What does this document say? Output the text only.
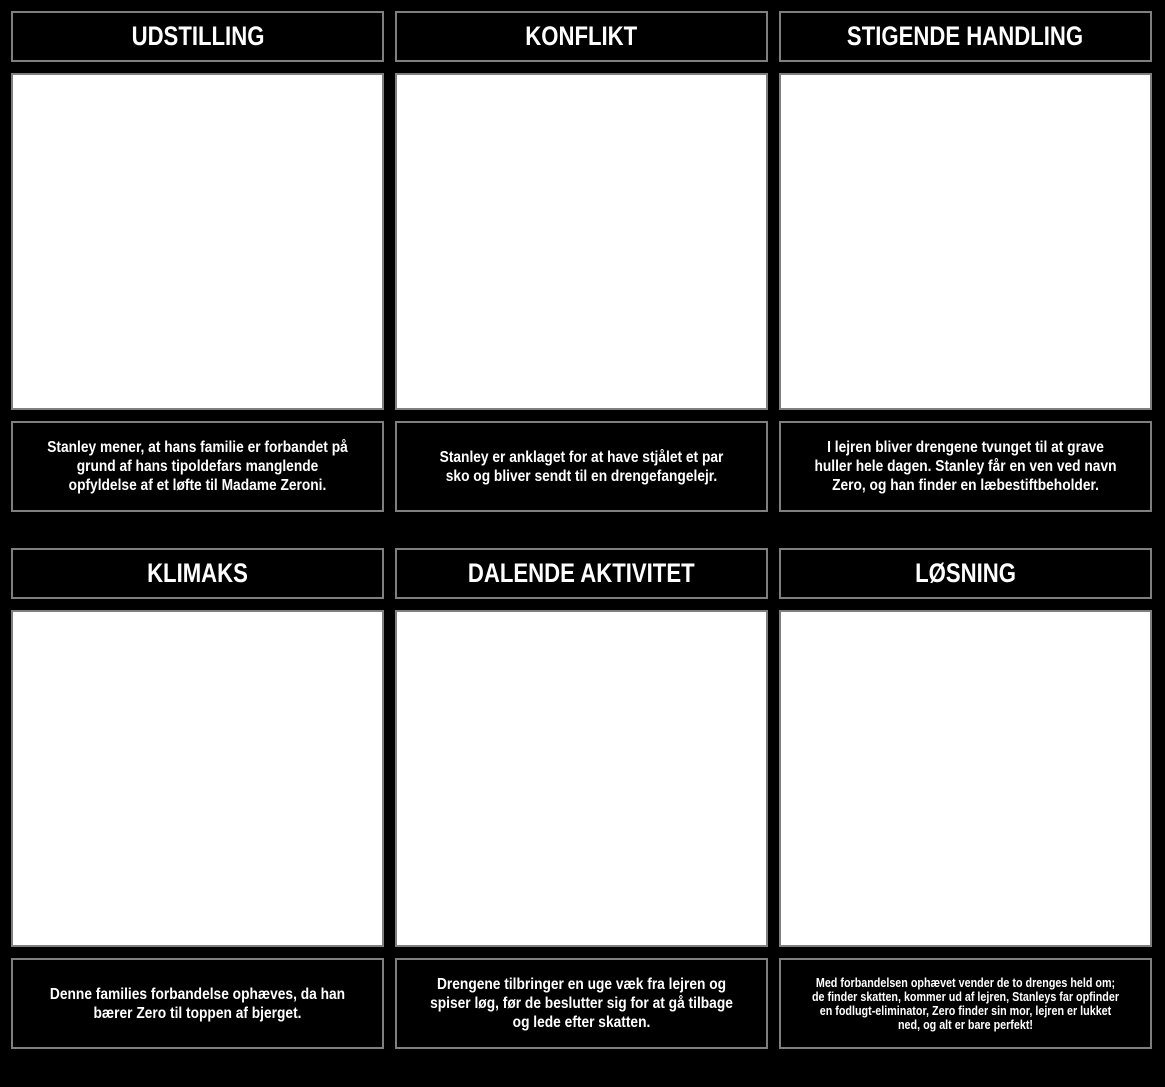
UDSTILLING
Stanley mener, at hans familie er forbandet på grund af hans tipoldefars manglende opfyldelse af et løfte til Madame Zeroni.
KONFLIKT
Stanley er anklaget for at have stjålet et par sko og bliver sendt til en drengefangelejr.
STIGENDE HANDLING
I lejren bliver drengene tvunget til at grave huller hele dagen. Stanley får en ven ved navn Zero, og han finder en læbestiftbeholder.
KLIMAKS
Denne families forbandelse ophæves, da han bærer Zero til toppen af bjerget.
DALENDE AKTIVITET
Drengene tilbringer en uge væk fra lejren og spiser løg, før de beslutter sig for at gå tilbage og lede efter skatten.
LØSNING
Med forbandelsen ophævet vender de to drenges held om; de finder skatten, kommer ud af lejren, Stanleys far opfinder en fodlugt-eliminator, Zero finder sin mor, lejren er lukket ned, og alt er bare perfekt!
